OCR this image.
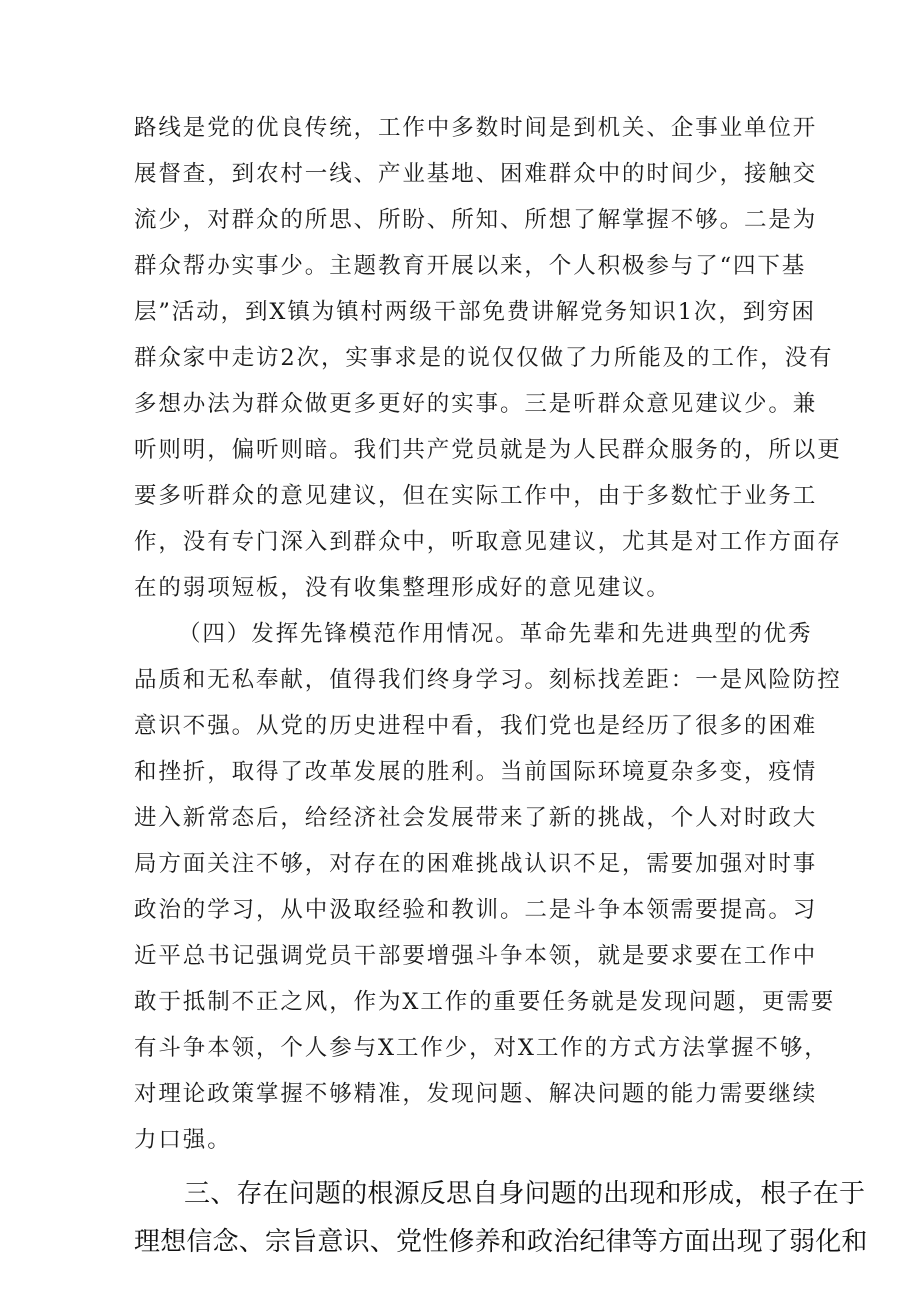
路线是党的优良传统，工作中多数时间是到机关、企事业单位开
展督查，到农村一线、产业基地、困难群众中的时间少，接触交
流少，对群众的所思、所盼、所知、所想了解掌握不够。二是为
群众帮办实事少。主题教育开展以来，个人积极参与了“四下基
层”活动，到X镇为镇村两级干部免费讲解党务知识1次，到穷困
群众家中走访2次，实事求是的说仅仅做了力所能及的工作，没有
多想办法为群众做更多更好的实事。三是听群众意见建议少。兼
听则明，偏听则暗。我们共产党员就是为人民群众服务的，所以更
要多听群众的意见建议，但在实际工作中，由于多数忙于业务工
作，没有专门深入到群众中，听取意见建议，尤其是对工作方面存
在的弱项短板，没有收集整理形成好的意见建议。
（四）发挥先锋模范作用情况。革命先辈和先进典型的优秀
品质和无私奉献，值得我们终身学习。刻标找差距：一是风险防控
意识不强。从党的历史进程中看，我们党也是经历了很多的困难
和挫折，取得了改革发展的胜利。当前国际环境夏杂多变，疫情
进入新常态后，给经济社会发展带来了新的挑战，个人对时政大
局方面关注不够，对存在的困难挑战认识不足，需要加强对时事
政治的学习，从中汲取经验和教训。二是斗争本领需要提高。习
近平总书记强调党员干部要增强斗争本领，就是要求要在工作中
敢于抵制不正之风，作为X工作的重要任务就是发现问题，更需要
有斗争本领，个人参与X工作少，对X工作的方式方法掌握不够，
对理论政策掌握不够精准，发现问题、解决问题的能力需要继续
力口强。
三、存在问题的根源反思自身问题的出现和形成，根子在于
理想信念、宗旨意识、党性修养和政治纪律等方面出现了弱化和
